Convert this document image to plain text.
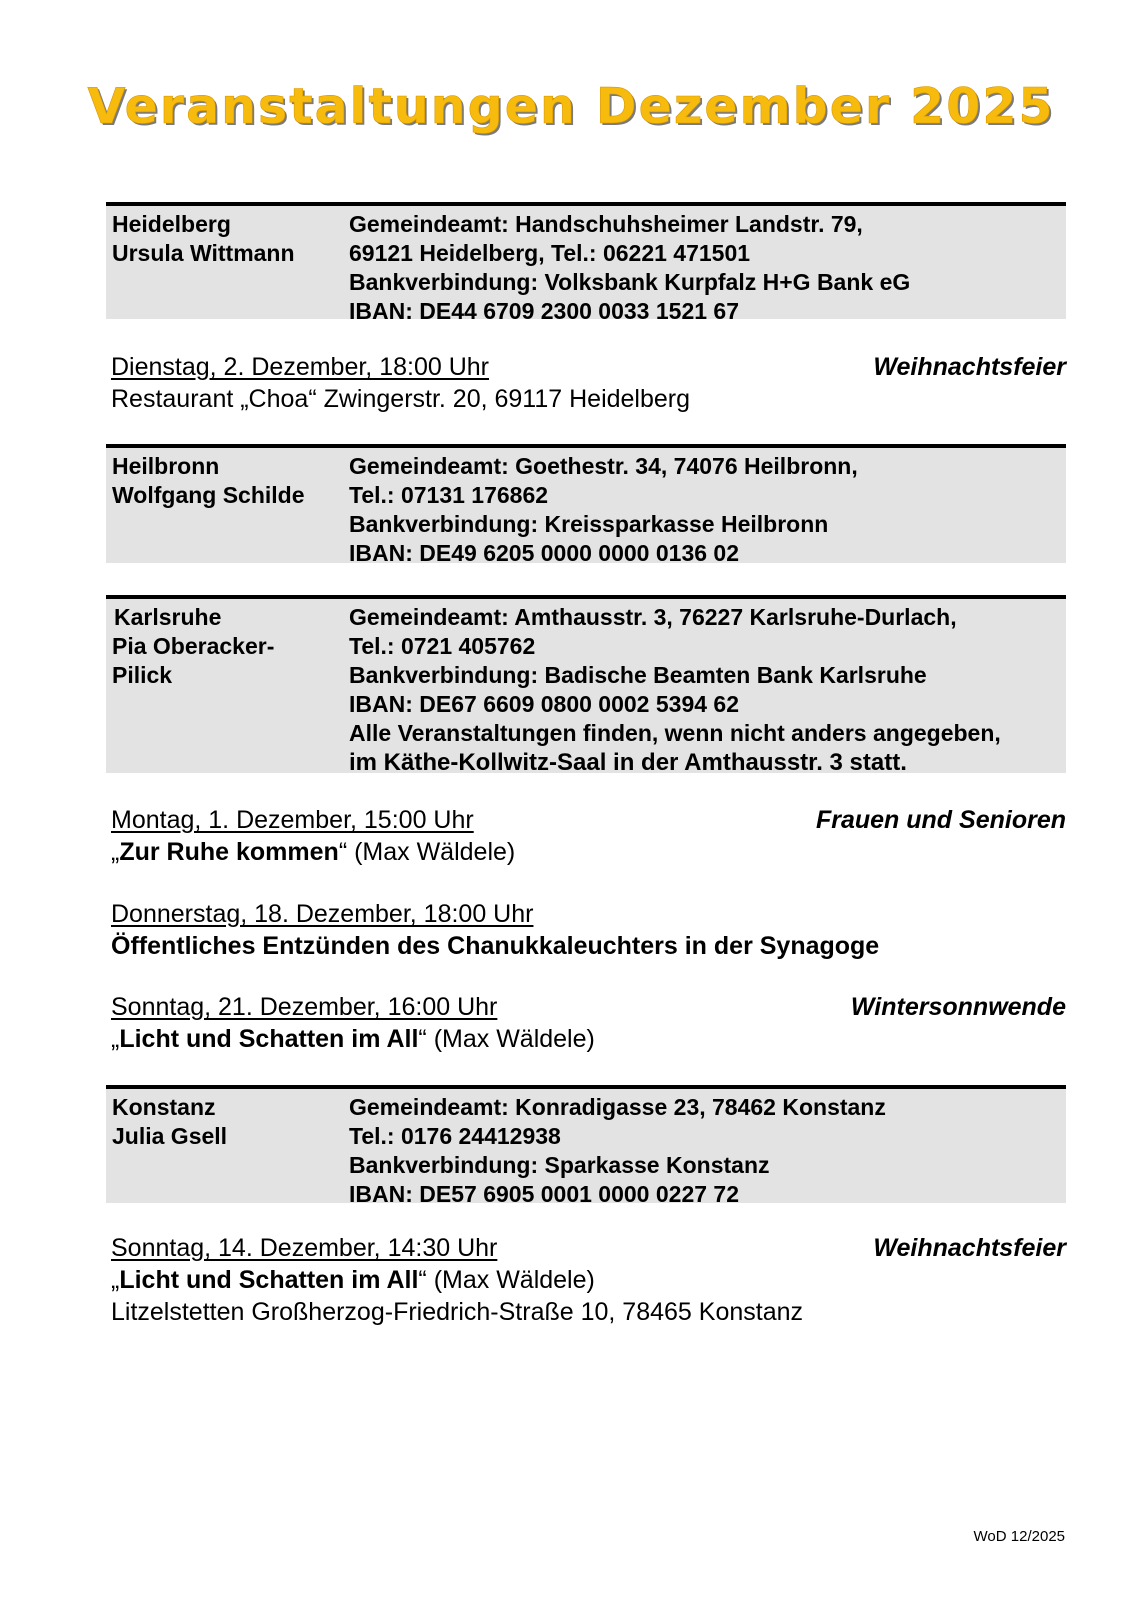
Veranstaltungen Dezember 2025
Heidelberg
Ursula Wittmann
Gemeindeamt: Handschuhsheimer Landstr. 79,
69121 Heidelberg, Tel.: 06221 471501
Bankverbindung: Volksbank Kurpfalz H+G Bank eG
IBAN: DE44 6709 2300 0033 1521 67
Dienstag, 2. Dezember, 18:00 Uhr	Weihnachtsfeier
Restaurant „Choa“ Zwingerstr. 20, 69117 Heidelberg
Heilbronn
Wolfgang Schilde
Gemeindeamt: Goethestr. 34, 74076 Heilbronn,
Tel.: 07131 176862
Bankverbindung: Kreissparkasse Heilbronn
IBAN: DE49 6205 0000 0000 0136 02
Karlsruhe
Pia Oberacker-
Pilick
Gemeindeamt: Amthausstr. 3, 76227 Karlsruhe-Durlach,
Tel.: 0721 405762
Bankverbindung: Badische Beamten Bank Karlsruhe
IBAN: DE67 6609 0800 0002 5394 62
Alle Veranstaltungen finden, wenn nicht anders angegeben,
im Käthe-Kollwitz-Saal in der Amthausstr. 3 statt.
Montag, 1. Dezember, 15:00 Uhr	Frauen und Senioren
„Zur Ruhe kommen“ (Max Wäldele)
Donnerstag, 18. Dezember, 18:00 Uhr
Öffentliches Entzünden des Chanukkaleuchters in der Synagoge
Sonntag, 21. Dezember, 16:00 Uhr	Wintersonnwende
„Licht und Schatten im All“ (Max Wäldele)
Konstanz
Julia Gsell
Gemeindeamt: Konradigasse 23, 78462 Konstanz
Tel.: 0176 24412938
Bankverbindung: Sparkasse Konstanz
IBAN: DE57 6905 0001 0000 0227 72
Sonntag, 14. Dezember, 14:30 Uhr	Weihnachtsfeier
„Licht und Schatten im All“ (Max Wäldele)
Litzelstetten Großherzog-Friedrich-Straße 10, 78465 Konstanz
WoD 12/2025
